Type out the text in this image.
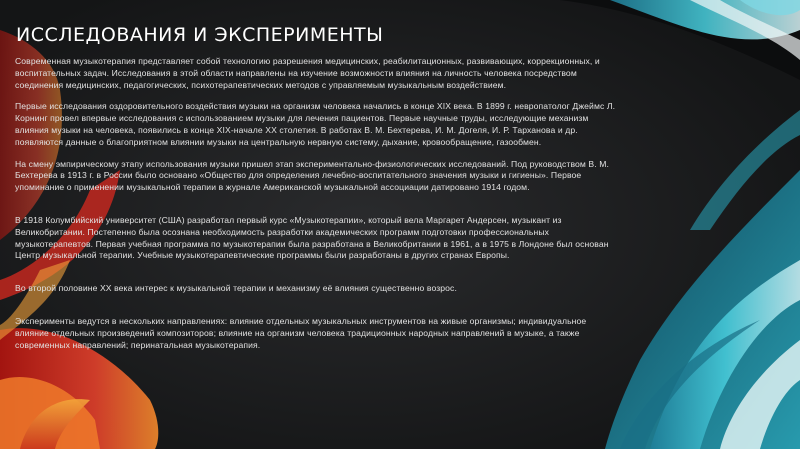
ИССЛЕДОВАНИЯ И ЭКСПЕРИМЕНТЫ

Современная музыкотерапия представляет собой технологию разрешения медицинских, реабилитационных, развивающих, коррекционных, и воспитательных задач. Исследования в этой области направлены на изучение возможности влияния на личность человека посредством соединения медицинских, педагогических, психотерапевтических методов с управляемым музыкальным воздействием.

Первые исследования оздоровительного воздействия музыки на организм человека начались в конце XIX века. В 1899 г. невропатолог Джеймс Л. Корнинг провел впервые исследования с использованием музыки для лечения пациентов. Первые научные труды, исследующие механизм влияния музыки на человека, появились в конце XIX-начале XX столетия. В работах В. М. Бехтерева, И. М. Догеля, И. Р. Тарханова и др. появляются данные о благоприятном влиянии музыки на центральную нервную систему, дыхание, кровообращение, газообмен.

На смену эмпирическому этапу использования музыки пришел этап экспериментально-физиологических исследований. Под руководством В. М. Бехтерева в 1913 г. в России было основано «Общество для определения лечебно-воспитательного значения музыки и гигиены». Первое упоминание о применении музыкальной терапии в журнале Американской музыкальной ассоциации датировано 1914 годом.

В 1918 Колумбийский университет (США) разработал первый курс «Музыкотерапии», который вела Маргарет Андерсен, музыкант из Великобритании. Постепенно была осознана необходимость разработки академических программ подготовки профессиональных музыкотерапевтов. Первая учебная программа по музыкотерапии была разработана в Великобритании в 1961, а в 1975 в Лондоне был основан Центр музыкальной терапии. Учебные музыкотерапевтические программы были разработаны в других странах Европы.

Во второй половине XX века интерес к музыкальной терапии и механизму её влияния существенно возрос.

Эксперименты ведутся в нескольких направлениях: влияние отдельных музыкальных инструментов на живые организмы; индивидуальное влияние отдельных произведений композиторов; влияние на организм человека традиционных народных направлений в музыке, а также современных направлений; перинатальная музыкотерапия.
